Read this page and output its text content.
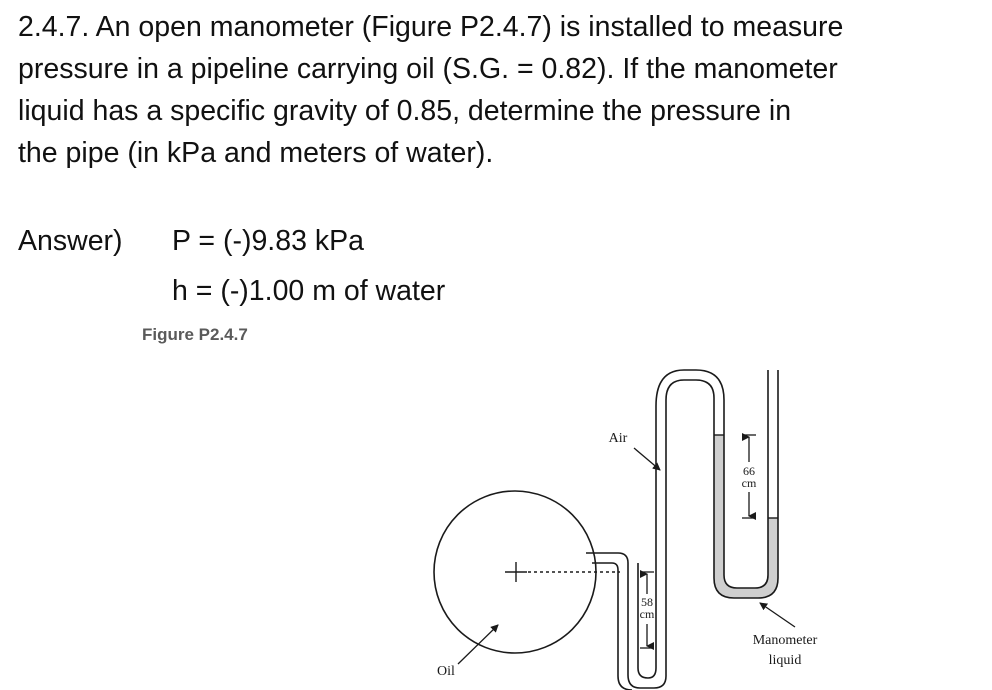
2.4.7. An open manometer (Figure P2.4.7) is installed to measure
pressure in a pipeline carrying oil (S.G. = 0.82). If the manometer
liquid has a specific gravity of 0.85, determine the pressure in
the pipe (in kPa and meters of water).
Answer) P = (-)9.83 kPa
h = (-)1.00 m of water
Figure P2.4.7
66
cm
58
cm
Air
Oil
Manometer
liquid
